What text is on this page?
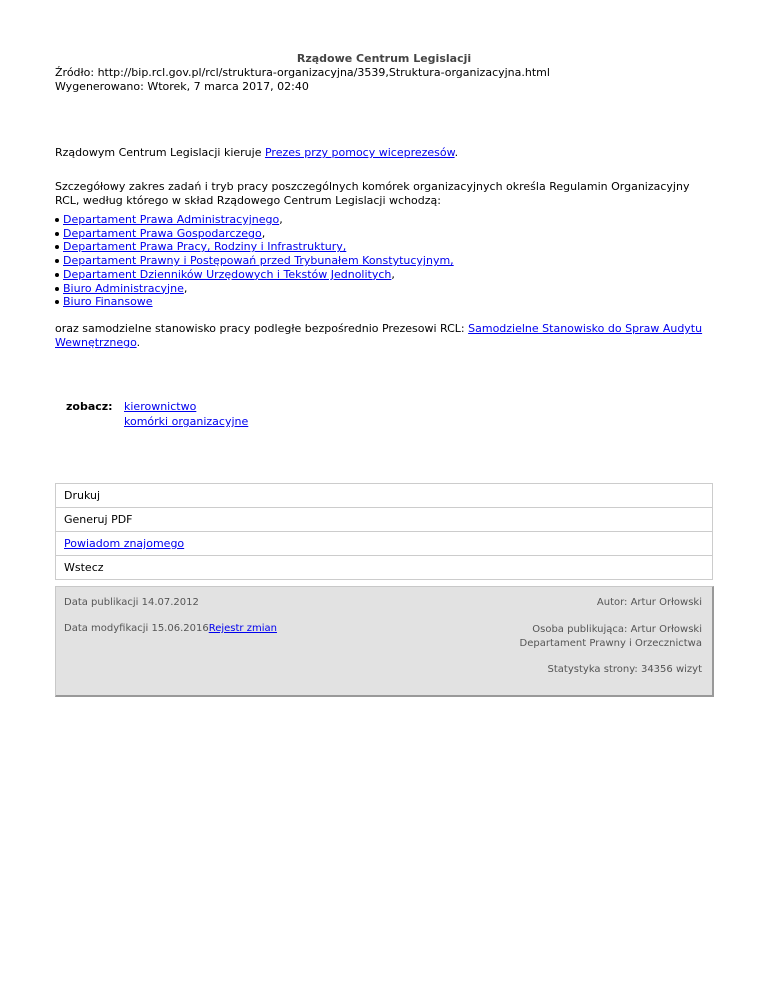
Rządowe Centrum Legislacji

Źródło: http://bip.rcl.gov.pl/rcl/struktura-organizacyjna/3539,Struktura-organizacyjna.html

Wygenerowano: Wtorek, 7 marca 2017, 02:40

Rządowym Centrum Legislacji kieruje Prezes przy pomocy wiceprezesów.
Szczegółowy zakres zadań i tryb pracy poszczególnych komórek organizacyjnych określa Regulamin Organizacyjny RCL, według którego w skład Rządowego Centrum Legislacji wchodzą:
Departament Prawa Administracyjnego,
Departament Prawa Gospodarczego,
Departament Prawa Pracy, Rodziny i Infrastruktury,
Departament Prawny i Postępowań przed Trybunałem Konstytucyjnym,
Departament Dzienników Urzędowych i Tekstów Jednolitych,
Biuro Administracyjne,
Biuro Finansowe
oraz samodzielne stanowisko pracy podległe bezpośrednio Prezesowi RCL: Samodzielne Stanowisko do Spraw Audytu Wewnętrznego.
zobacz:	kierownictwo
komórki organizacyjne
Drukuj
Generuj PDF
Powiadom znajomego
Wstecz
Data publikacji 14.07.2012	Autor: Artur Orłowski
Data modyfikacji 15.06.2016Rejestr zmian	Osoba publikująca: Artur Orłowski
Departament Prawny i Orzecznictwa
Statystyka strony: 34356 wizyt
